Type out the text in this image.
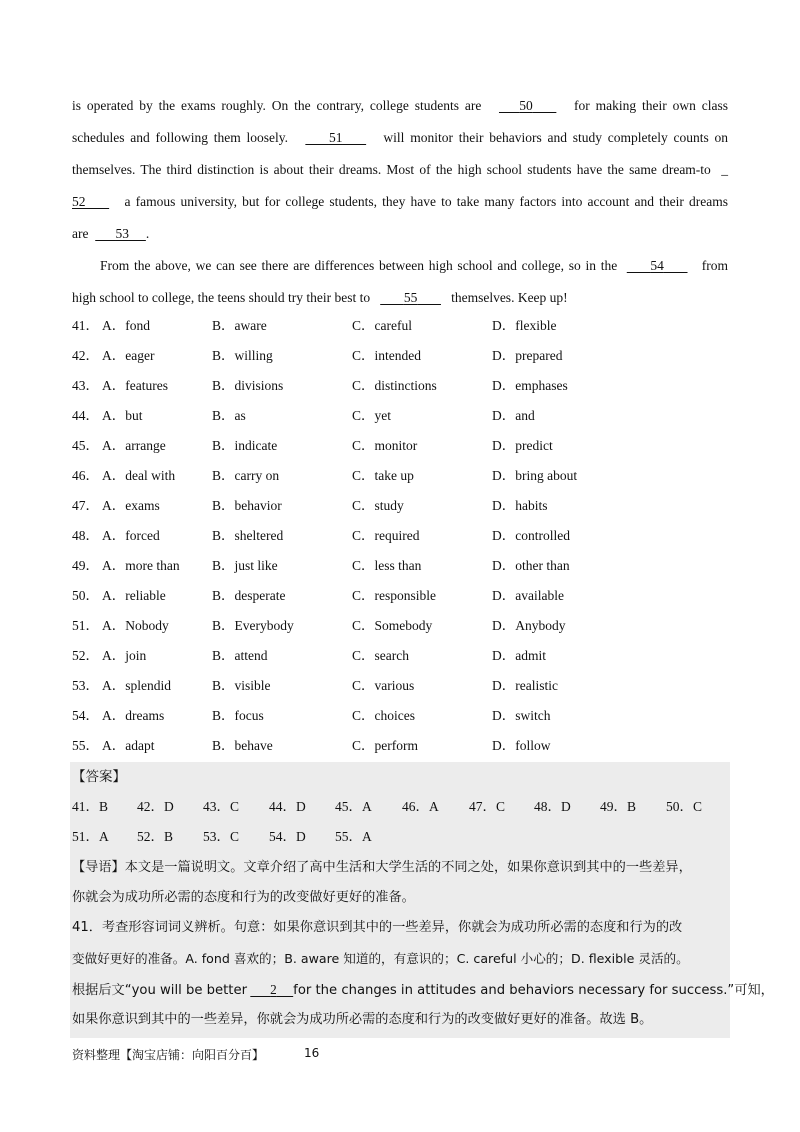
is operated by the exams roughly. On the contrary, college students are	50	for making their own class
schedules and following them loosely.	51	will monitor their behaviors and study completely counts on
themselves. The third distinction is about their dreams. Most of the high school students have the same dream-to _
52	a famous university, but for college students, they have to take many factors into account and their dreams
are 53 .
From the above, we can see there are differences between high school and college, so in the 54	from
high school to college, the teens should try their best to	55	themselves. Keep up!
41． A．fond	B．aware	C．careful	D．flexible
42． A．eager	B．willing	C．intended	D．prepared
43． A．features	B．divisions	C．distinctions	D．emphases
44． A．but	B．as	C．yet	D．and
45． A．arrange	B．indicate	C．monitor	D．predict
46． A．deal with	B．carry on	C．take up	D．bring about
47． A．exams	B．behavior	C．study	D．habits
48． A．forced	B．sheltered	C．required	D．controlled
49． A．more than B．just like	C．less than	D．other than
50． A．reliable	B．desperate	C．responsible	D．available
51． A．Nobody	B．Everybody	C．Somebody	D．Anybody
52． A．join	B．attend	C．search	D．admit
53． A．splendid	B．visible	C．various	D．realistic
54． A．dreams	B．focus	C．choices	D．switch
55． A．adapt	B．behave	C．perform	D．follow
【答案】
41．B 42．D 43．C 44．D 45．A 46．A 47．C 48．D 49．B 50．C
51．A 52．B 53．C 54．D 55．A
【导语】本文是一篇说明文。文章介绍了高中生活和大学生活的不同之处，如果你意识到其中的一些差异，
你就会为成功所必需的态度和行为的改变做好更好的准备。
41．考查形容词词义辨析。句意：如果你意识到其中的一些差异，你就会为成功所必需的态度和行为的改
变做好更好的准备。A. fond 喜欢的；B. aware 知道的，有意识的；C. careful 小心的；D. flexible 灵活的。
根据后文“you will be better 2 for the changes in attitudes and behaviors necessary for success.”可知，
如果你意识到其中的一些差异，你就会为成功所必需的态度和行为的改变做好更好的准备。故选 B。
资料整理【淘宝店铺：向阳百分百】	16
